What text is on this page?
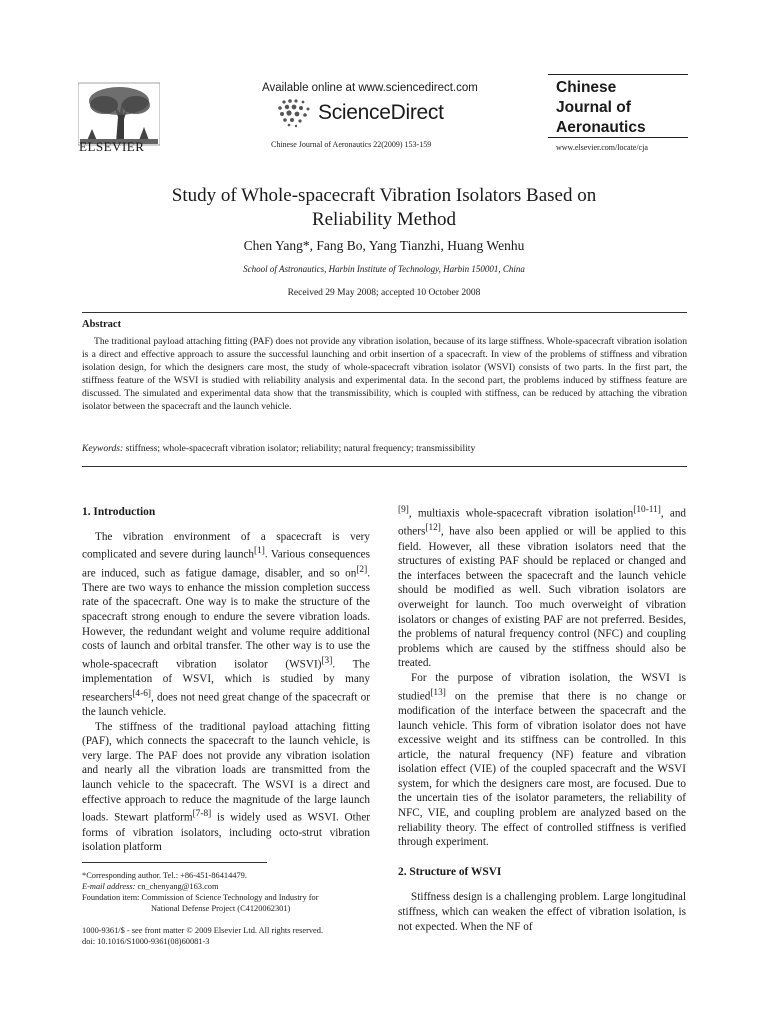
ELSEVIER
Available online at www.sciencedirect.com
ScienceDirect
Chinese Journal of Aeronautics 22(2009) 153-159
Chinese
Journal of
Aeronautics
www.elsevier.com/locate/cja
Study of Whole-spacecraft Vibration Isolators Based on
Reliability Method
Chen Yang*, Fang Bo, Yang Tianzhi, Huang Wenhu
School of Astronautics, Harbin Institute of Technology, Harbin 150001, China
Received 29 May 2008; accepted 10 October 2008
Abstract
The traditional payload attaching fitting (PAF) does not provide any vibration isolation, because of its large stiffness. Whole-spacecraft vibration isolation is a direct and effective approach to assure the successful launching and orbit insertion of a spacecraft. In view of the problems of stiffness and vibration isolation design, for which the designers care most, the study of whole-spacecraft vibration isolator (WSVI) consists of two parts. In the first part, the stiffness feature of the WSVI is studied with reliability analysis and experimental data. In the second part, the problems induced by stiffness feature are discussed. The simulated and experimental data show that the transmissibility, which is coupled with stiffness, can be reduced by attaching the vibration isolator between the spacecraft and the launch vehicle.
Keywords: stiffness; whole-spacecraft vibration isolator; reliability; natural frequency; transmissibility
1. Introduction

The vibration environment of a spacecraft is very complicated and severe during launch[1]. Various consequences are induced, such as fatigue damage, disabler, and so on[2]. There are two ways to enhance the mission completion success rate of the spacecraft. One way is to make the structure of the spacecraft strong enough to endure the severe vibration loads. However, the redundant weight and volume require additional costs of launch and orbital transfer. The other way is to use the whole-spacecraft vibration isolator (WSVI)[3]. The implementation of WSVI, which is studied by many researchers[4-6], does not need great change of the spacecraft or the launch vehicle.

The stiffness of the traditional payload attaching fitting (PAF), which connects the spacecraft to the launch vehicle, is very large. The PAF does not provide any vibration isolation and nearly all the vibration loads are transmitted from the launch vehicle to the spacecraft. The WSVI is a direct and effective approach to reduce the magnitude of the large launch loads. Stewart platform[7-8] is widely used as WSVI. Other forms of vibration isolators, including octo-strut vibration isolation platform

[9], multiaxis whole-spacecraft vibration isolation[10-11], and others[12], have also been applied or will be applied to this field. However, all these vibration isolators need that the structures of existing PAF should be replaced or changed and the interfaces between the spacecraft and the launch vehicle should be modified as well. Such vibration isolators are overweight for launch. Too much overweight of vibration isolators or changes of existing PAF are not preferred. Besides, the problems of natural frequency control (NFC) and coupling problems which are caused by the stiffness should also be treated.

For the purpose of vibration isolation, the WSVI is studied[13] on the premise that there is no change or modification of the interface between the spacecraft and the launch vehicle. This form of vibration isolator does not have excessive weight and its stiffness can be controlled. In this article, the natural frequency (NF) feature and vibration isolation effect (VIE) of the coupled spacecraft and the WSVI system, for which the designers care most, are focused. Due to the uncertain ties of the isolator parameters, the reliability of NFC, VIE, and coupling problem are analyzed based on the reliability theory. The effect of controlled stiffness is verified through experiment.

2. Structure of WSVI

Stiffness design is a challenging problem. Large longitudinal stiffness, which can weaken the effect of vibration isolation, is not expected. When the NF of

*Corresponding author. Tel.: +86-451-86414479.
E-mail address: cn_chenyang@163.com
Foundation item: Commission of Science Technology and Industry for
National Defense Project (C4120062301)
1000-9361/$ - see front matter © 2009 Elsevier Ltd. All rights reserved.
doi: 10.1016/S1000-9361(08)60081-3
